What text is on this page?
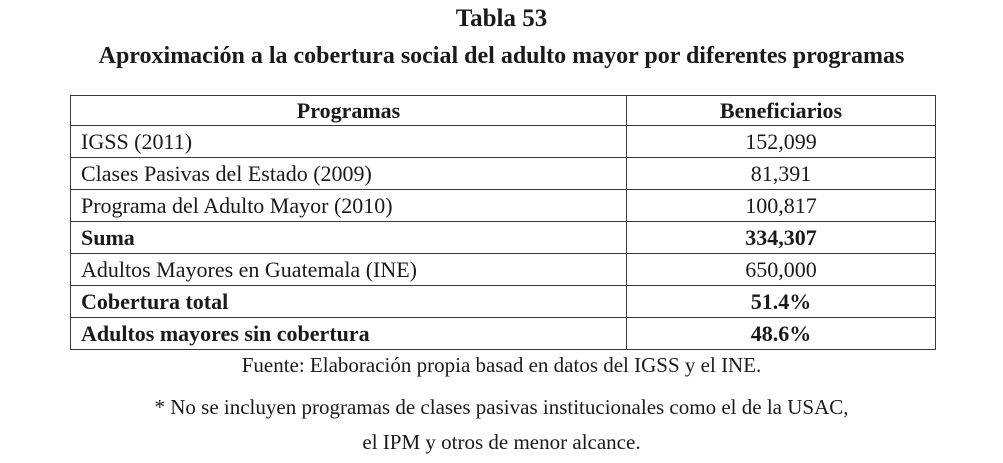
Tabla 53
Aproximación a la cobertura social del adulto mayor por diferentes programas
Programas	Beneficiarios
IGSS (2011)	152,099
Clases Pasivas del Estado (2009)	81,391
Programa del Adulto Mayor (2010)	100,817
Suma	334,307
Adultos Mayores en Guatemala (INE)	650,000
Cobertura total	51.4%
Adultos mayores sin cobertura	48.6%
Fuente: Elaboración propia basad en datos del IGSS y el INE.
* No se incluyen programas de clases pasivas institucionales como el de la USAC,
el IPM y otros de menor alcance.
